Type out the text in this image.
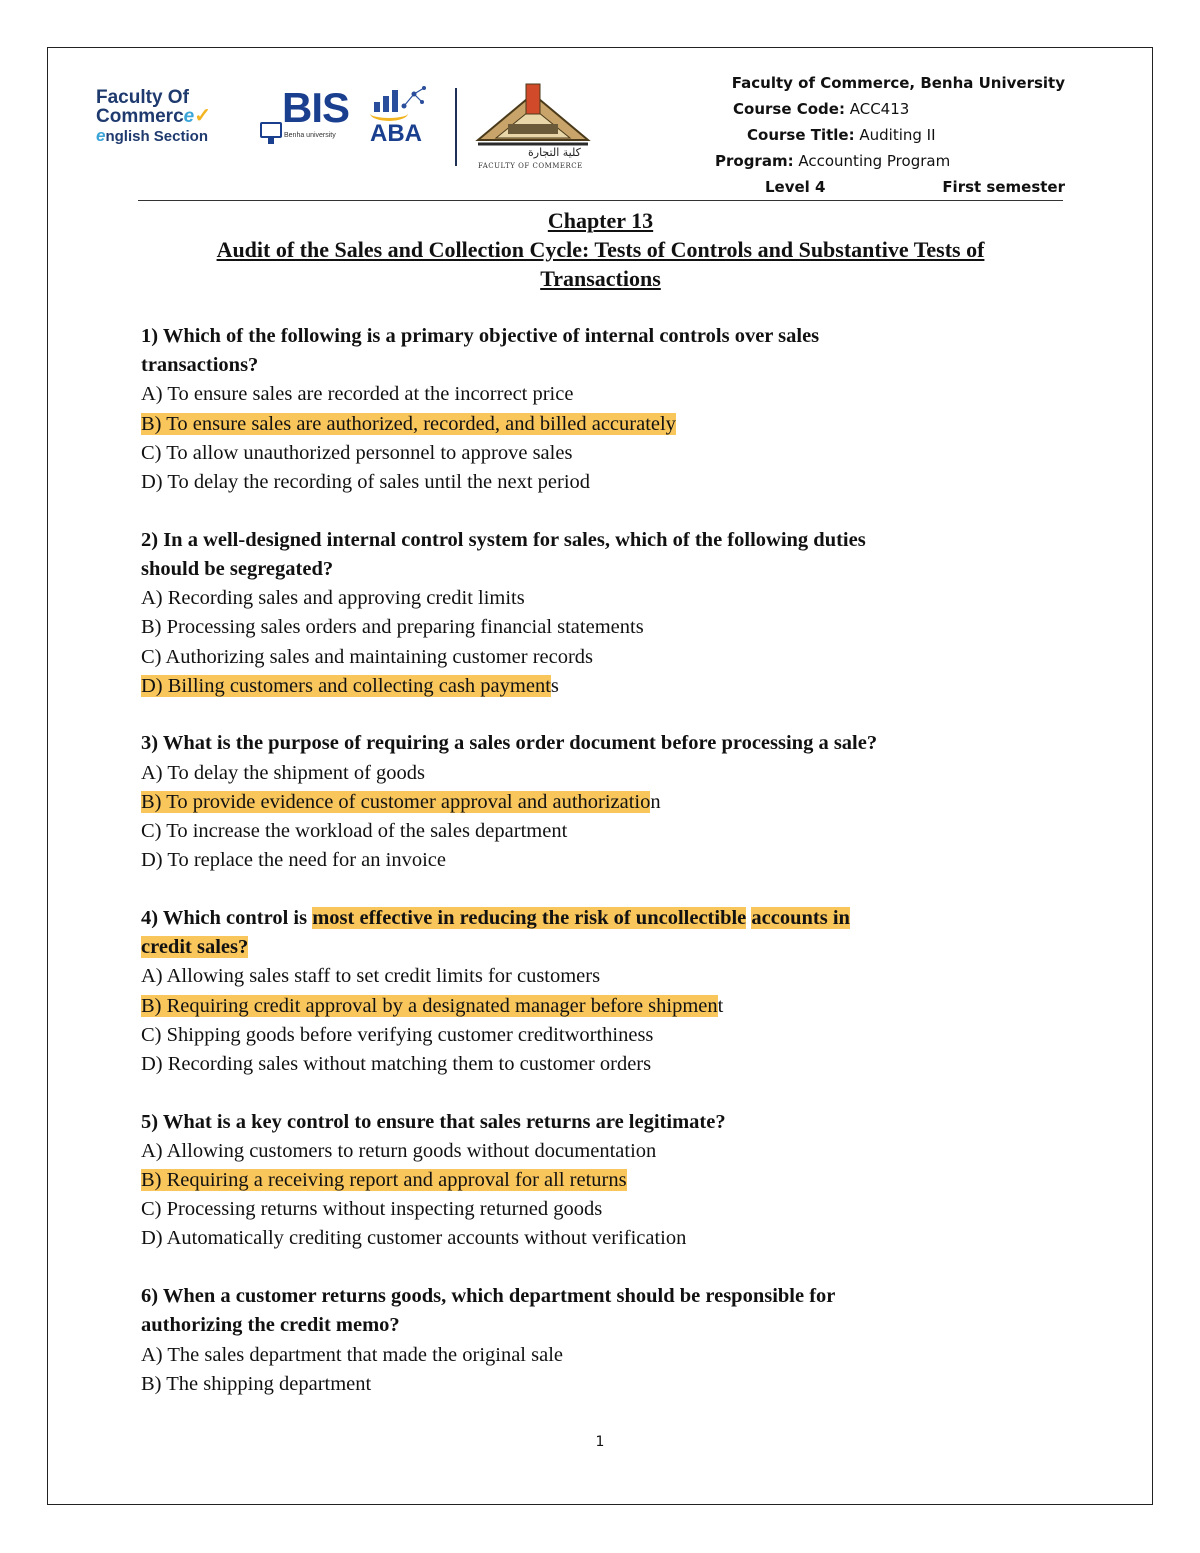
Faculty Of
Commerce✓
english Section
BIS
Benha university ABA
كلية التجارة
FACULTY OF COMMERCE
Faculty of Commerce, Benha University
Course Code: ACC413
Course Title: Auditing II
Program: Accounting Program
Level 4	First semester
Chapter 13
Audit of the Sales and Collection Cycle: Tests of Controls and Substantive Tests of
Transactions
1) Which of the following is a primary objective of internal controls over sales
transactions?
A) To ensure sales are recorded at the incorrect price
B) To ensure sales are authorized, recorded, and billed accurately
C) To allow unauthorized personnel to approve sales
D) To delay the recording of sales until the next period
2) In a well-designed internal control system for sales, which of the following duties
should be segregated?
A) Recording sales and approving credit limits
B) Processing sales orders and preparing financial statements
C) Authorizing sales and maintaining customer records
D) Billing customers and collecting cash payments
3) What is the purpose of requiring a sales order document before processing a sale?
A) To delay the shipment of goods
B) To provide evidence of customer approval and authorization
C) To increase the workload of the sales department
D) To replace the need for an invoice
4) Which control is most effective in reducing the risk of uncollectible accounts in
credit sales?
A) Allowing sales staff to set credit limits for customers
B) Requiring credit approval by a designated manager before shipment
C) Shipping goods before verifying customer creditworthiness
D) Recording sales without matching them to customer orders
5) What is a key control to ensure that sales returns are legitimate?
A) Allowing customers to return goods without documentation
B) Requiring a receiving report and approval for all returns
C) Processing returns without inspecting returned goods
D) Automatically crediting customer accounts without verification
6) When a customer returns goods, which department should be responsible for
authorizing the credit memo?
A) The sales department that made the original sale
B) The shipping department
1
